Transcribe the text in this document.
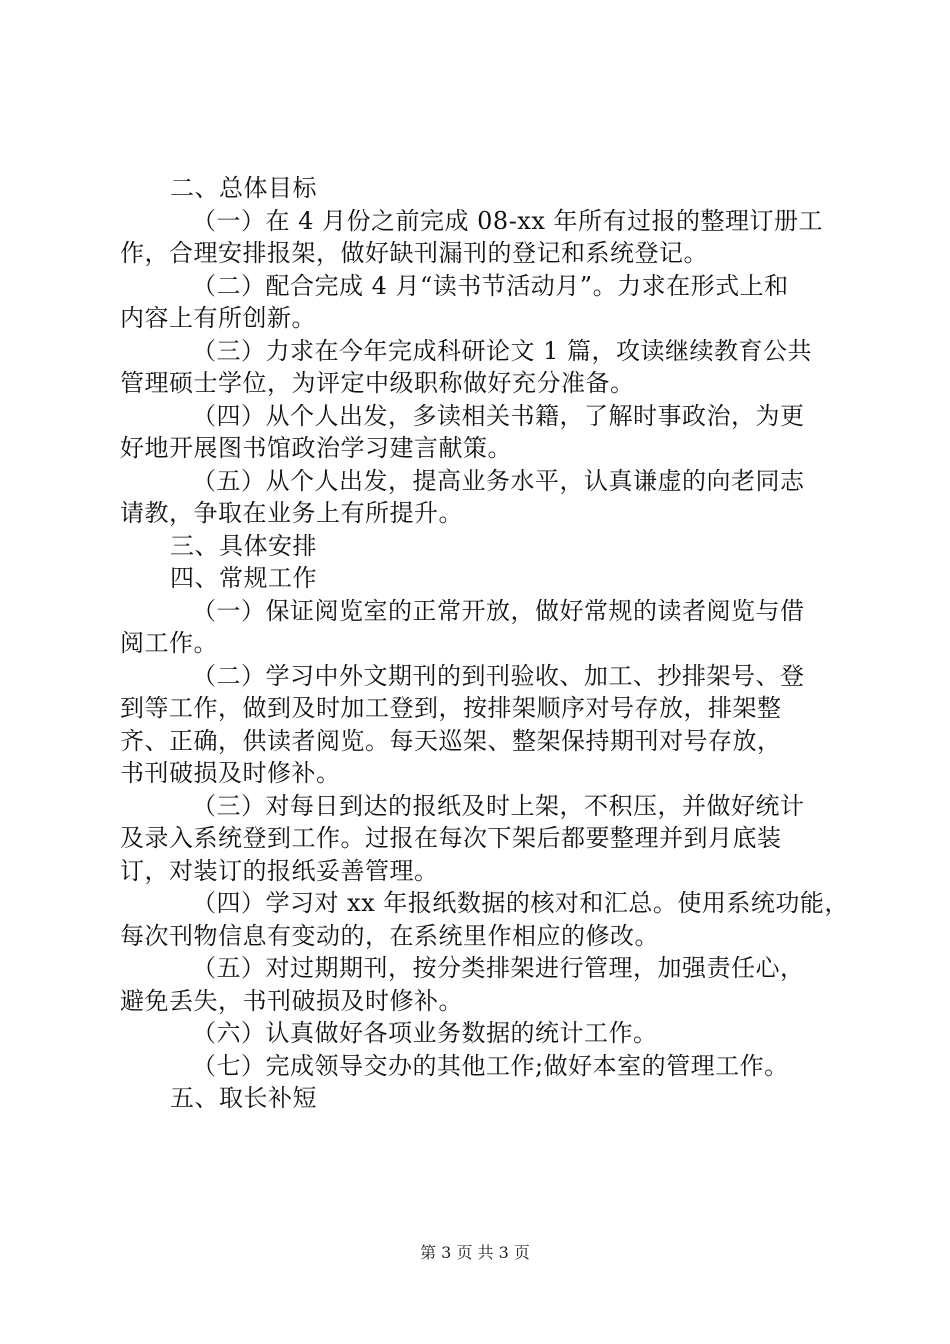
二、总体目标
（一）在 4 月份之前完成 08-xx 年所有过报的整理订册工
作，合理安排报架，做好缺刊漏刊的登记和系统登记。
（二）配合完成 4 月“读书节活动月”。力求在形式上和
内容上有所创新。
（三）力求在今年完成科研论文 1 篇，攻读继续教育公共
管理硕士学位，为评定中级职称做好充分准备。
（四）从个人出发，多读相关书籍，了解时事政治，为更
好地开展图书馆政治学习建言献策。
（五）从个人出发，提高业务水平，认真谦虚的向老同志
请教，争取在业务上有所提升。
三、具体安排
四、常规工作
（一）保证阅览室的正常开放，做好常规的读者阅览与借
阅工作。
（二）学习中外文期刊的到刊验收、加工、抄排架号、登
到等工作，做到及时加工登到，按排架顺序对号存放，排架整
齐、正确，供读者阅览。每天巡架、整架保持期刊对号存放，
书刊破损及时修补。
（三）对每日到达的报纸及时上架，不积压，并做好统计
及录入系统登到工作。过报在每次下架后都要整理并到月底装
订，对装订的报纸妥善管理。
（四）学习对 xx 年报纸数据的核对和汇总。使用系统功能，
每次刊物信息有变动的，在系统里作相应的修改。
（五）对过期期刊，按分类排架进行管理，加强责任心，
避免丢失，书刊破损及时修补。
（六）认真做好各项业务数据的统计工作。
（七）完成领导交办的其他工作;做好本室的管理工作。
五、取长补短
第 3 页 共 3 页
